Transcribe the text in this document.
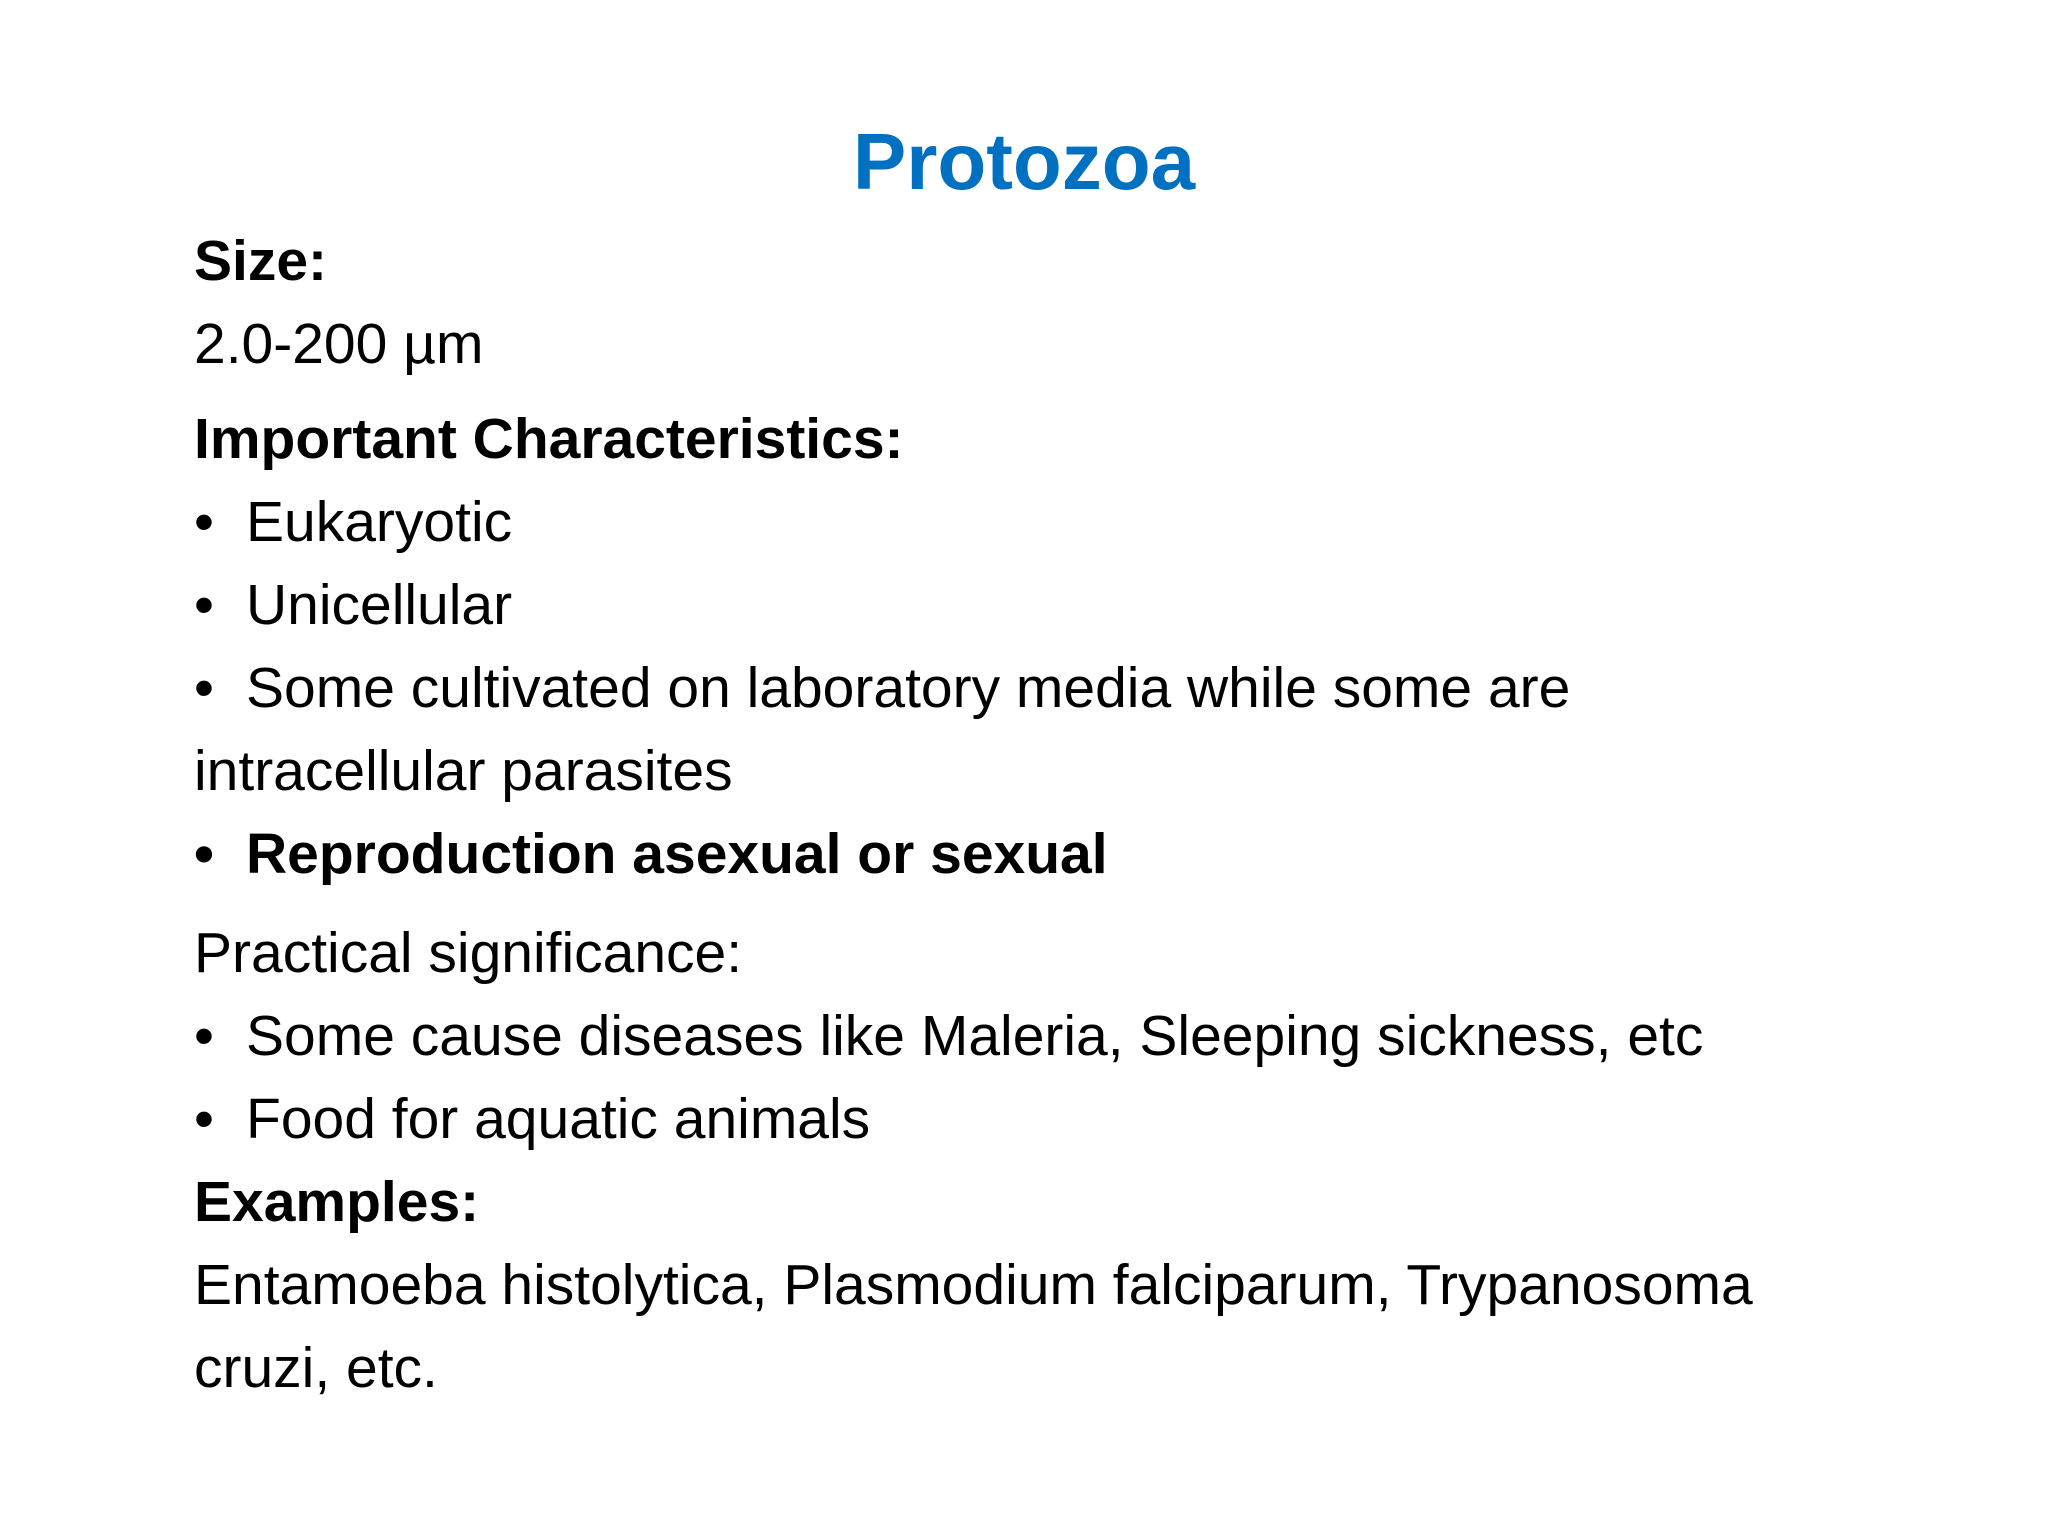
Protozoa
Size:
2.0-200 µm
Important Characteristics:
• Eukaryotic
• Unicellular
• Some cultivated on laboratory media while some are
intracellular parasites
• Reproduction asexual or sexual
Practical significance:
• Some cause diseases like Maleria, Sleeping sickness, etc
• Food for aquatic animals
Examples:
Entamoeba histolytica, Plasmodium falciparum, Trypanosoma
cruzi, etc.
